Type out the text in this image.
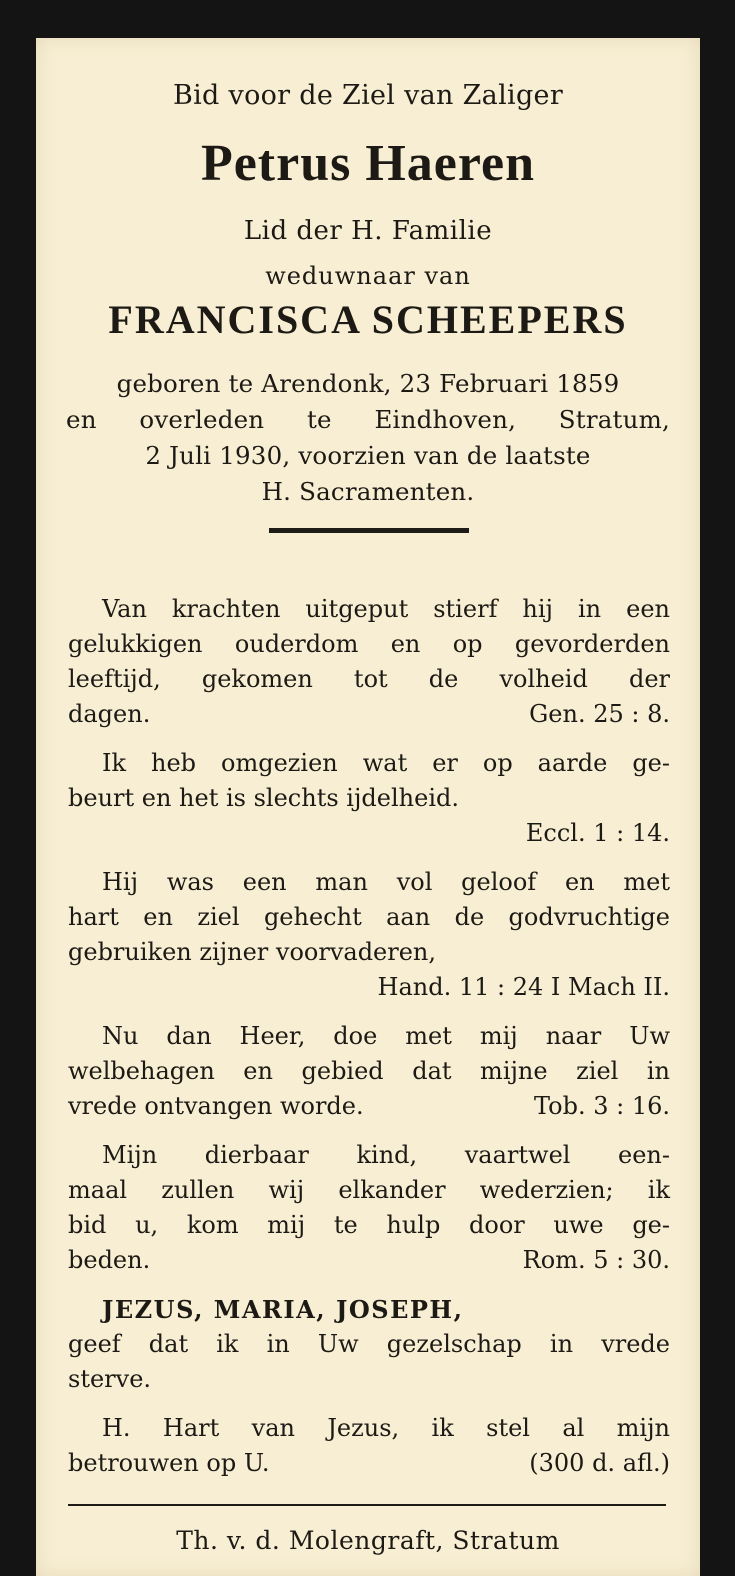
Bid voor de Ziel van Zaliger
Petrus Haeren
Lid der H. Familie
weduwnaar van
FRANCISCA SCHEEPERS
geboren te Arendonk, 23 Februari 1859
en overleden te Eindhoven, Stratum,
2 Juli 1930, voorzien van de laatste
H. Sacramenten.
Van krachten uitgeput stierf hij in een
gelukkigen ouderdom en op gevorderden
leeftijd, gekomen tot de volheid der
dagen.	Gen. 25 : 8.
Ik heb omgezien wat er op aarde ge-
beurt en het is slechts ijdelheid.
Eccl. 1 : 14.
Hij was een man vol geloof en met
hart en ziel gehecht aan de godvruchtige
gebruiken zijner voorvaderen,
Hand. 11 : 24 I Mach II.
Nu dan Heer, doe met mij naar Uw
welbehagen en gebied dat mijne ziel in
vrede ontvangen worde.	Tob. 3 : 16.
Mijn dierbaar kind, vaartwel een-
maal zullen wij elkander wederzien; ik
bid u, kom mij te hulp door uwe ge-
beden.	Rom. 5 : 30.
JEZUS, MARIA, JOSEPH,
geef dat ik in Uw gezelschap in vrede
sterve.
H. Hart van Jezus, ik stel al mijn
betrouwen op U.	(300 d. afl.)
Th. v. d. Molengraft, Stratum
